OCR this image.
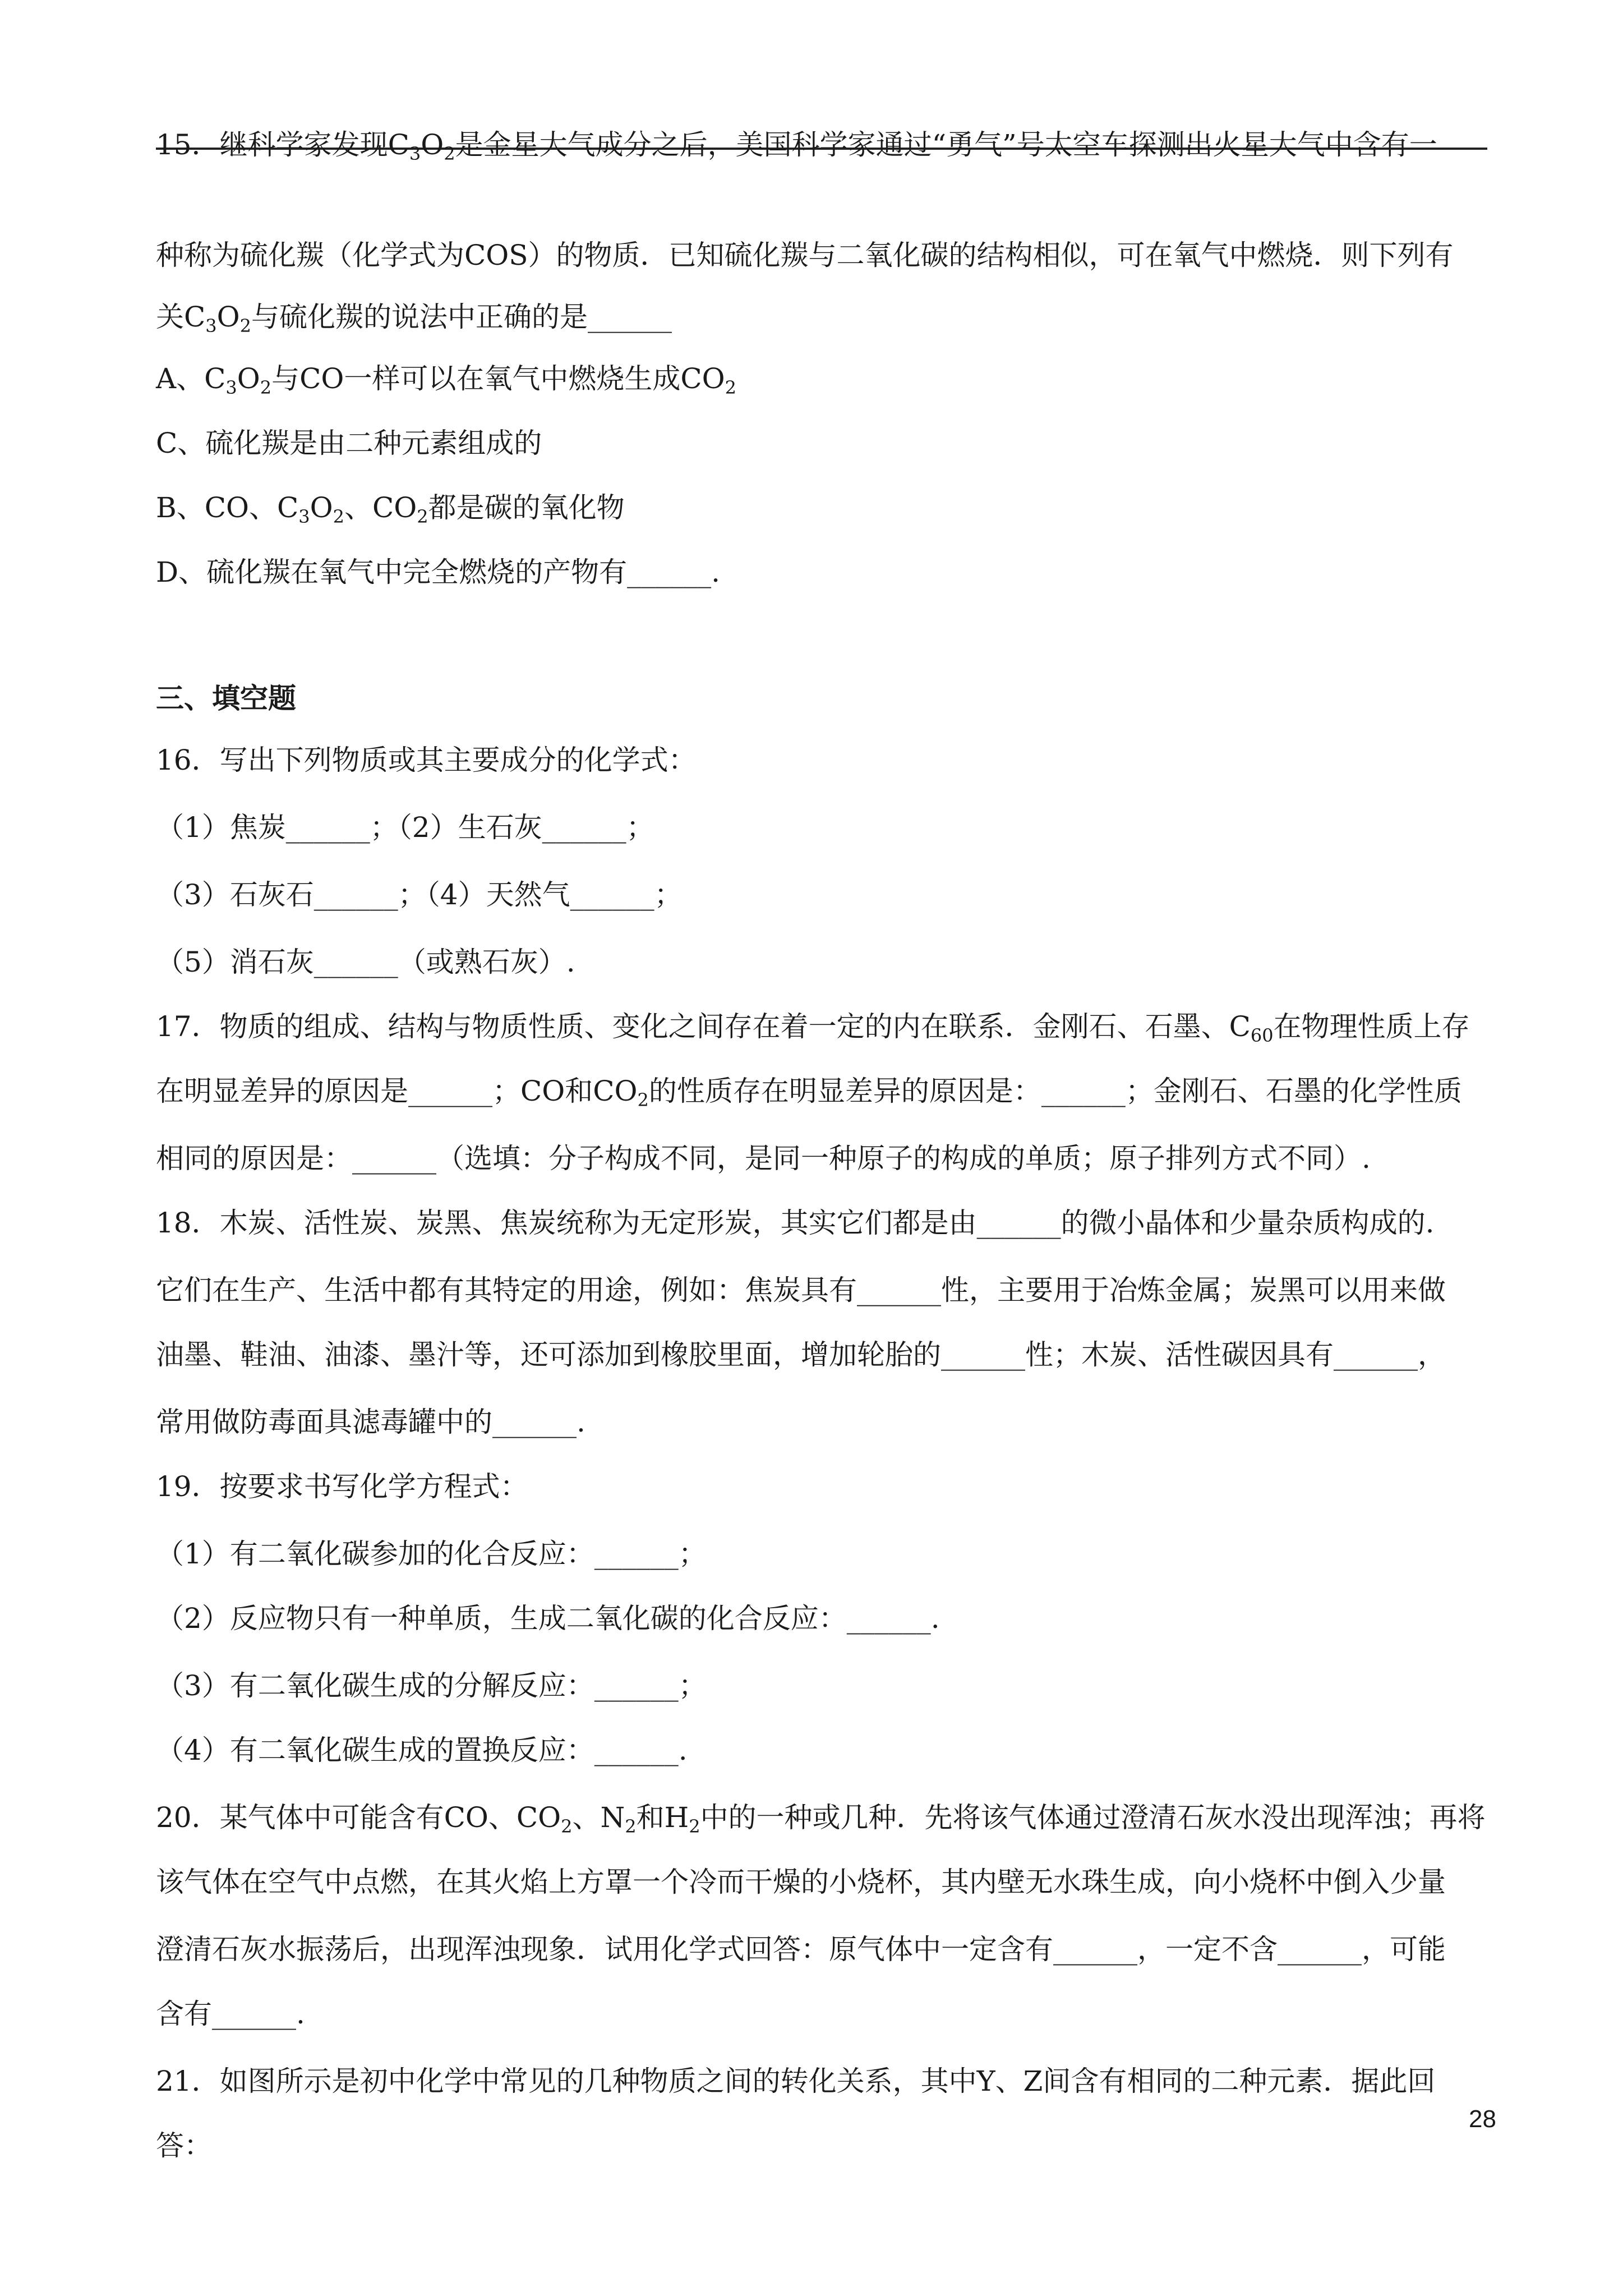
15．继科学家发现$C_3O_2$是金星大气成分之后，美国科学家通过“勇气”号太空车探测出火星大气中含有一
种称为硫化羰（化学式为COS）的物质．已知硫化羰与二氧化碳的结构相似，可在氧气中燃烧．则下列有
关$C_3O_2$与硫化羰的说法中正确的是______
A、$C_3O_2$与CO一样可以在氧气中燃烧生成$CO_2$
C、硫化羰是由二种元素组成的
B、CO、$C_3O_2$、$CO_2$都是碳的氧化物
D、硫化羰在氧气中完全燃烧的产物有______.
16．写出下列物质或其主要成分的化学式：
（1）焦炭______；（2）生石灰______；
（3）石灰石______；（4）天然气______；
（5）消石灰______（或熟石灰）.
17．物质的组成、结构与物质性质、变化之间存在着一定的内在联系．金刚石、石墨、$C_{60}$在物理性质上存
在明显差异的原因是______；CO和$CO_2$的性质存在明显差异的原因是：______；金刚石、石墨的化学性质
相同的原因是：______（选填：分子构成不同，是同一种原子的构成的单质；原子排列方式不同）.
18．木炭、活性炭、炭黑、焦炭统称为无定形炭，其实它们都是由______的微小晶体和少量杂质构成的.
它们在生产、生活中都有其特定的用途，例如：焦炭具有______性，主要用于冶炼金属；炭黑可以用来做
油墨、鞋油、油漆、墨汁等，还可添加到橡胶里面，增加轮胎的______性；木炭、活性碳因具有______，
常用做防毒面具滤毒罐中的______.
19．按要求书写化学方程式：
（1）有二氧化碳参加的化合反应：______；
（2）反应物只有一种单质，生成二氧化碳的化合反应：______.
（3）有二氧化碳生成的分解反应：______；
（4）有二氧化碳生成的置换反应：______.
20．某气体中可能含有CO、$CO_2$、$N_2$和$H_2$中的一种或几种．先将该气体通过澄清石灰水没出现浑浊；再将
该气体在空气中点燃，在其火焰上方罩一个冷而干燥的小烧杯，其内壁无水珠生成，向小烧杯中倒入少量
澄清石灰水振荡后，出现浑浊现象．试用化学式回答：原气体中一定含有______，一定不含______，可能
含有______.
21．如图所示是初中化学中常见的几种物质之间的转化关系，其中Y、Z间含有相同的二种元素．据此回
答：
三、填空题
28
